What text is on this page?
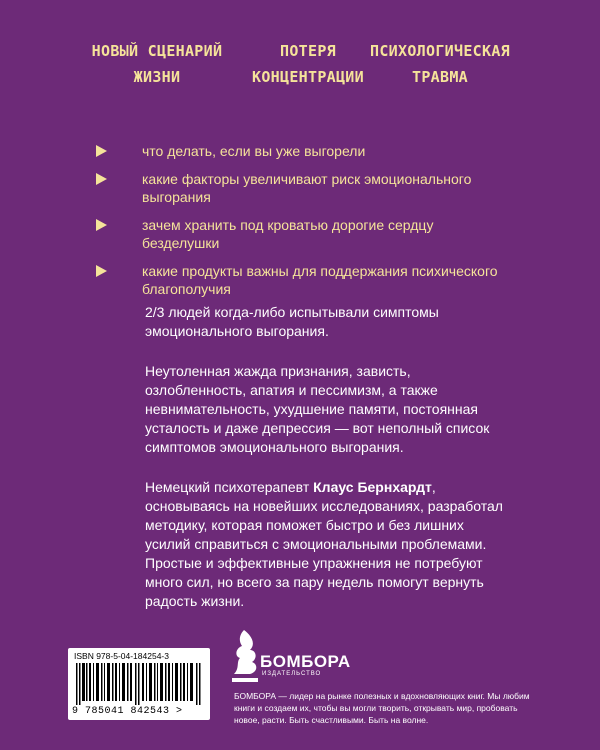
НОВЫЙ СЦЕНАРИЙ
ЖИЗНИ
ПОТЕРЯ
КОНЦЕНТРАЦИИ
ПСИХОЛОГИЧЕСКАЯ
ТРАВМА
что делать, если вы уже выгорели
какие факторы увеличивают риск эмоционального выгорания
зачем хранить под кроватью дорогие сердцу безделушки
какие продукты важны для поддержания психического благополучия

2/3 людей когда-либо испытывали симптомы эмоционального выгорания.

Неутоленная жажда признания, зависть, озлобленность, апатия и пессимизм, а также невнимательность, ухудшение памяти, постоянная усталость и даже депрессия — вот неполный список симптомов эмоционального выгорания.

Немецкий психотерапевт Клаус Бернхардт, основываясь на новейших исследованиях, разработал методику, которая поможет быстро и без лишних усилий справиться с эмоциональными проблемами. Простые и эффективные упражнения не потребуют много сил, но всего за пару недель помогут вернуть радость жизни.

ISBN 978-5-04-184254-3
9 785041 842543 >
БОМБОРА
ИЗДАТЕЛЬСТВО
БОМБОРА — лидер на рынке полезных и вдохновляющих книг. Мы любим книги и создаем их, чтобы вы могли творить, открывать мир, пробовать новое, расти. Быть счастливыми. Быть на волне.
